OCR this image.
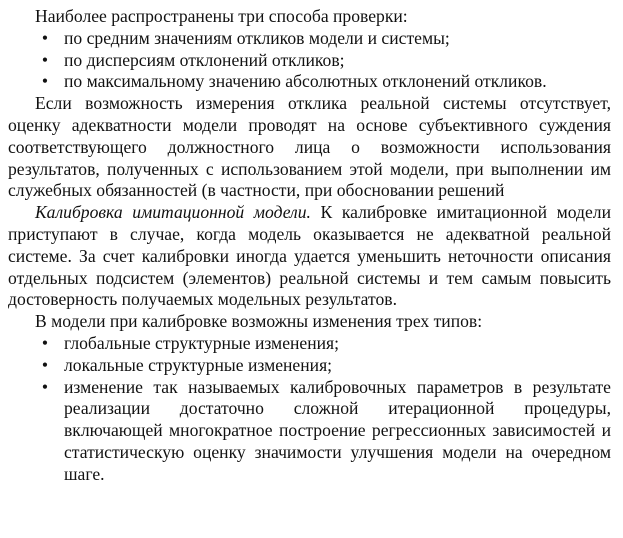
Наиболее распространены три способа проверки:

• по средним значениям откликов модели и системы;
• по дисперсиям отклонений откликов;
• по максимальному значению абсолютных отклонений откликов.

Если возможность измерения отклика реальной системы отсутствует, оценку адекватности модели проводят на основе субъективного суждения соответствующего должностного лица о возможности использования результатов, полученных с использованием этой модели, при выполнении им служебных обязанностей (в частности, при обосновании решений

Калибровка имитационной модели. К калибровке имитационной модели приступают в случае, когда модель оказывается не адекватной реальной системе. За счет калибровки иногда удается уменьшить неточности описания отдельных подсистем (элементов) реальной системы и тем самым повысить достоверность получаемых модельных результатов.

В модели при калибровке возможны изменения трех типов:

• глобальные структурные изменения;
• локальные структурные изменения;
• изменение так называемых калибровочных параметров в результате реализации достаточно сложной итерационной процедуры, включающей многократное построение регрессионных зависимостей и статистическую оценку значимости улучшения модели на очередном шаге.
